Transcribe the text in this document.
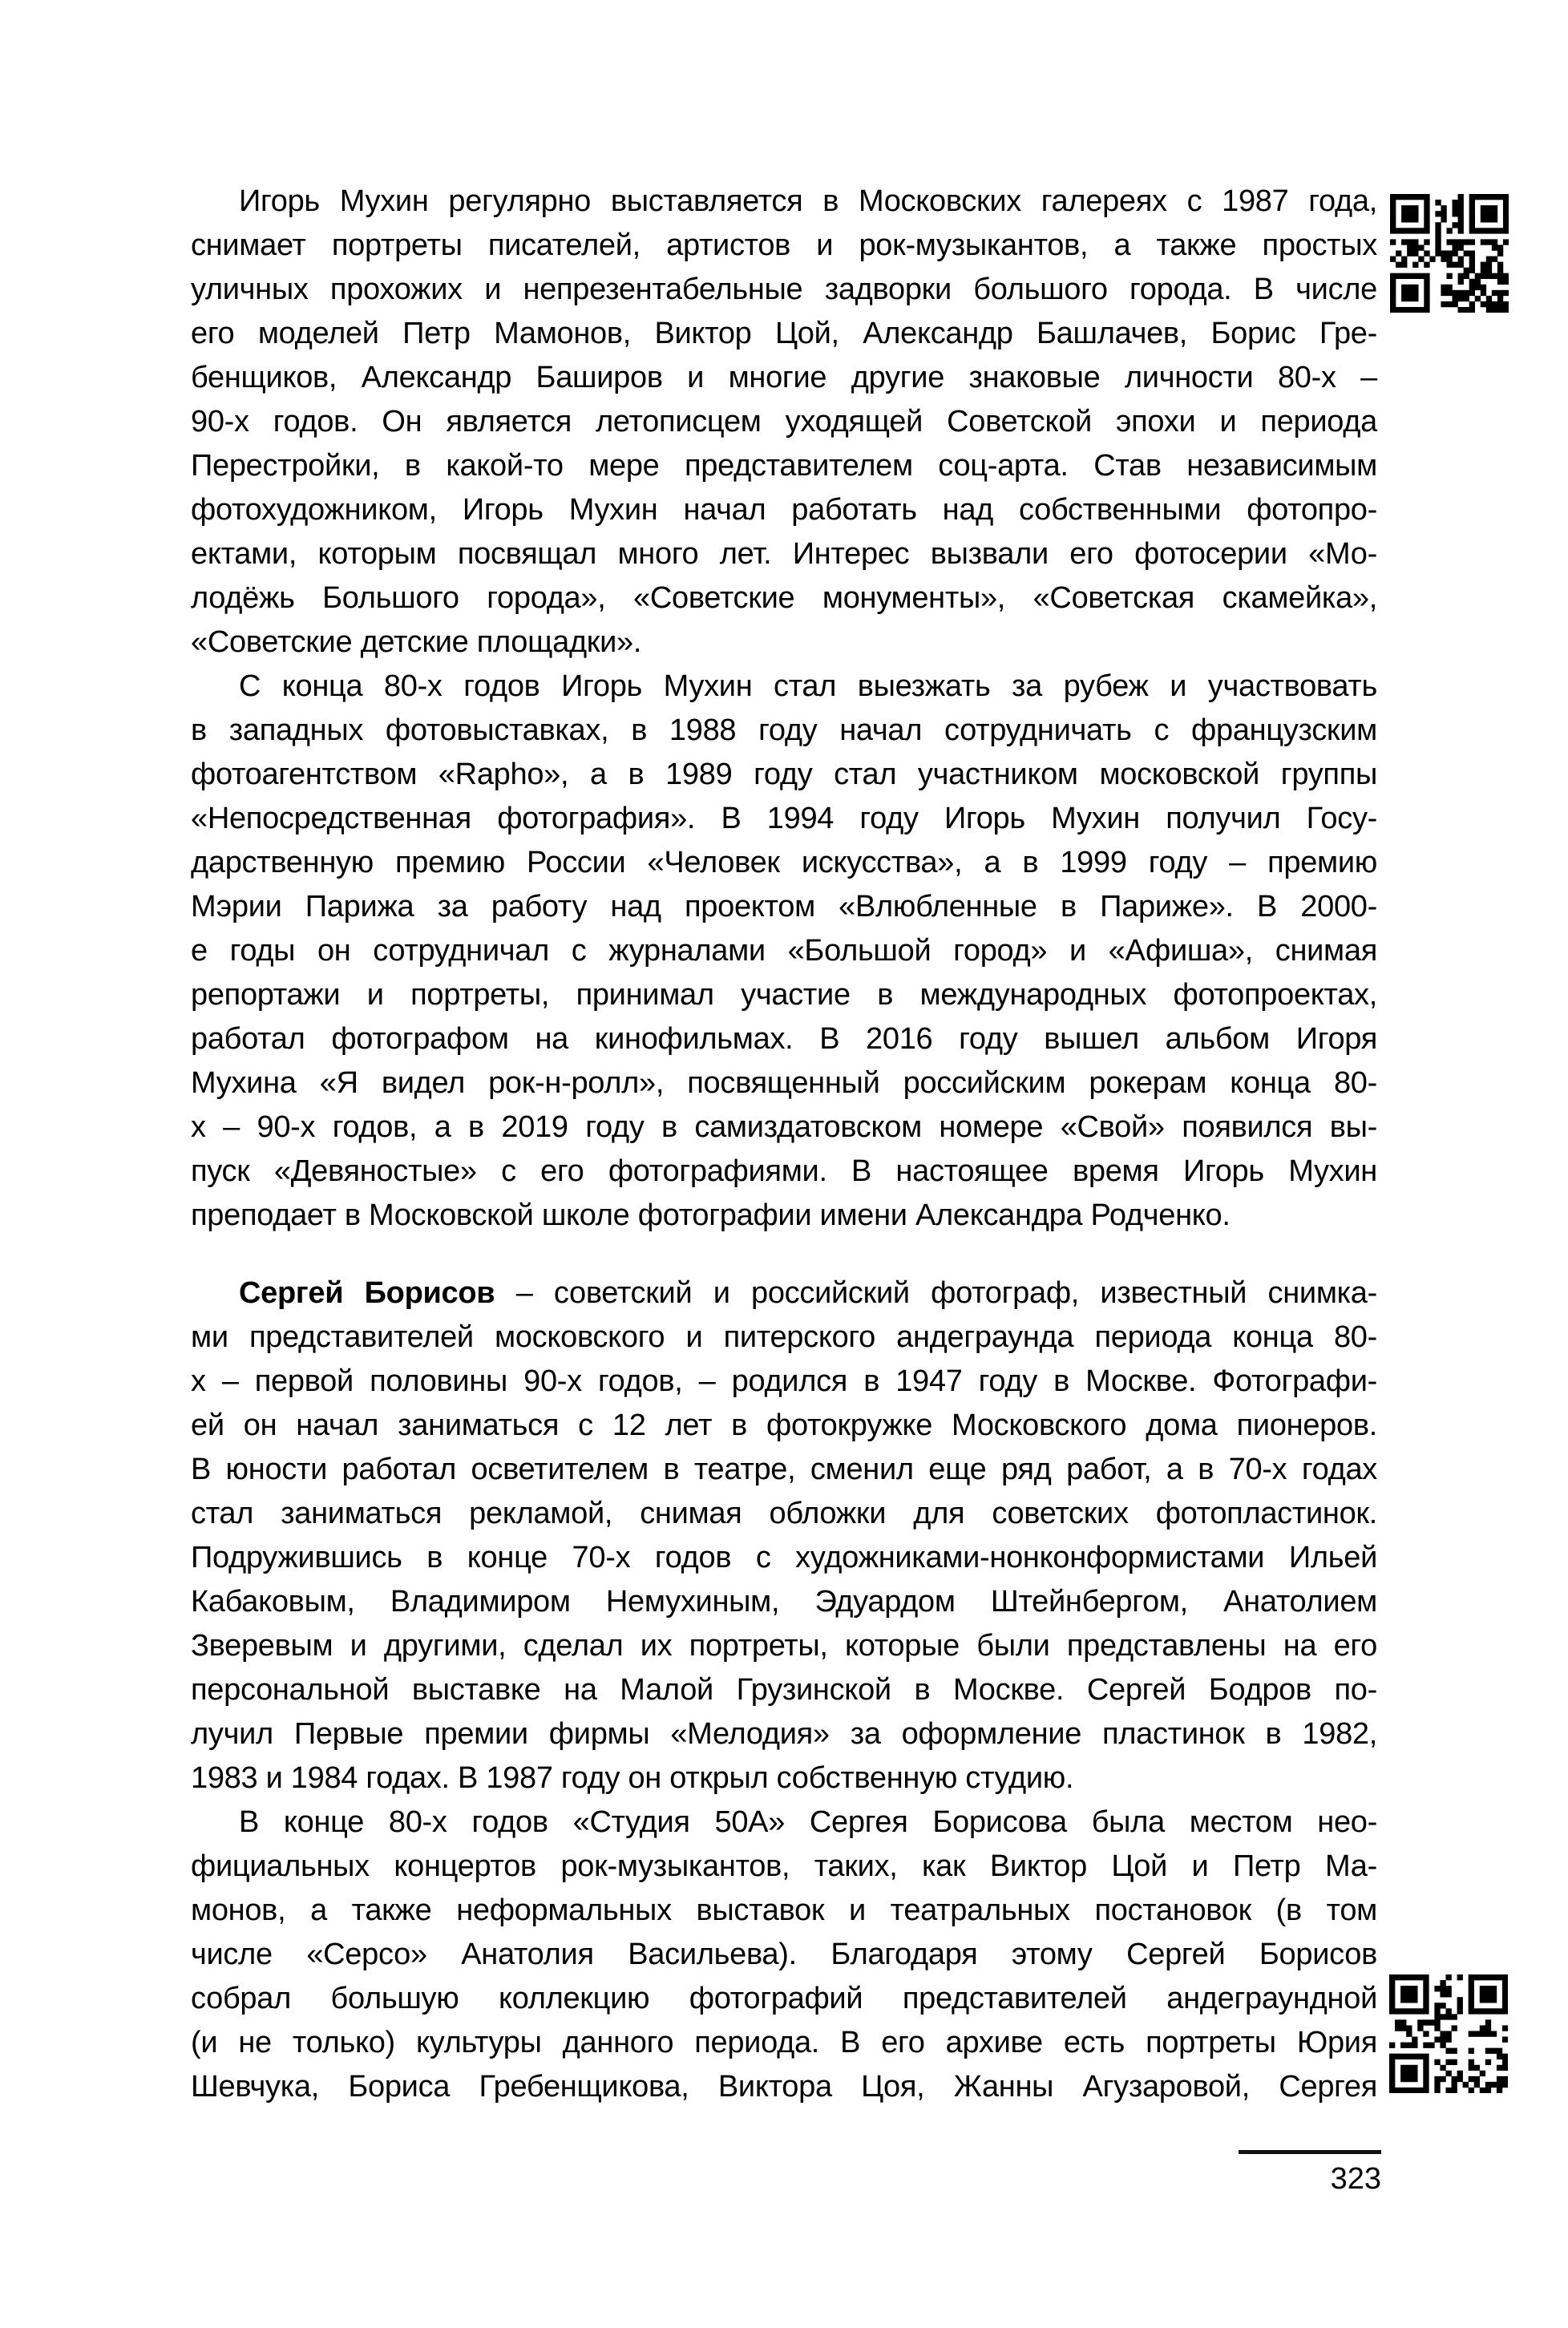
Игорь Мухин регулярно выставляется в Московских галереях с 1987 года,
снимает портреты писателей, артистов и рок-музыкантов, а также простых
уличных прохожих и непрезентабельные задворки большого города. В числе
его моделей Петр Мамонов, Виктор Цой, Александр Башлачев, Борис Гре-
бенщиков, Александр Баширов и многие другие знаковые личности 80-х –
90-х годов. Он является летописцем уходящей Советской эпохи и периода
Перестройки, в какой-то мере представителем соц-арта. Став независимым
фотохудожником, Игорь Мухин начал работать над собственными фотопро-
ектами, которым посвящал много лет. Интерес вызвали его фотосерии «Мо-
лодёжь Большого города», «Советские монументы», «Советская скамейка»,
«Советские детские площадки».
С конца 80-х годов Игорь Мухин стал выезжать за рубеж и участвовать
в западных фотовыставках, в 1988 году начал сотрудничать с французским
фотоагентством «Rapho», а в 1989 году стал участником московской группы
«Непосредственная фотография». В 1994 году Игорь Мухин получил Госу-
дарственную премию России «Человек искусства», а в 1999 году – премию
Мэрии Парижа за работу над проектом «Влюбленные в Париже». В 2000-
е годы он сотрудничал с журналами «Большой город» и «Афиша», снимая
репортажи и портреты, принимал участие в международных фотопроектах,
работал фотографом на кинофильмах. В 2016 году вышел альбом Игоря
Мухина «Я видел рок-н-ролл», посвященный российским рокерам конца 80-
х – 90-х годов, а в 2019 году в самиздатовском номере «Свой» появился вы-
пуск «Девяностые» с его фотографиями. В настоящее время Игорь Мухин
преподает в Московской школе фотографии имени Александра Родченко.
Сергей Борисов – советский и российский фотограф, известный снимка-
ми представителей московского и питерского андеграунда периода конца 80-
х – первой половины 90-х годов, – родился в 1947 году в Москве. Фотографи-
ей он начал заниматься с 12 лет в фотокружке Московского дома пионеров.
В юности работал осветителем в театре, сменил еще ряд работ, а в 70-х годах
стал заниматься рекламой, снимая обложки для советских фотопластинок.
Подружившись в конце 70-х годов с художниками-нонконформистами Ильей
Кабаковым, Владимиром Немухиным, Эдуардом Штейнбергом, Анатолием
Зверевым и другими, сделал их портреты, которые были представлены на его
персональной выставке на Малой Грузинской в Москве. Сергей Бодров по-
лучил Первые премии фирмы «Мелодия» за оформление пластинок в 1982,
1983 и 1984 годах. В 1987 году он открыл собственную студию.
В конце 80-х годов «Студия 50А» Сергея Борисова была местом нео-
фициальных концертов рок-музыкантов, таких, как Виктор Цой и Петр Ма-
монов, а также неформальных выставок и театральных постановок (в том
числе «Серсо» Анатолия Васильева). Благодаря этому Сергей Борисов
собрал большую коллекцию фотографий представителей андеграундной
(и не только) культуры данного периода. В его архиве есть портреты Юрия
Шевчука, Бориса Гребенщикова, Виктора Цоя, Жанны Агузаровой, Сергея
323
